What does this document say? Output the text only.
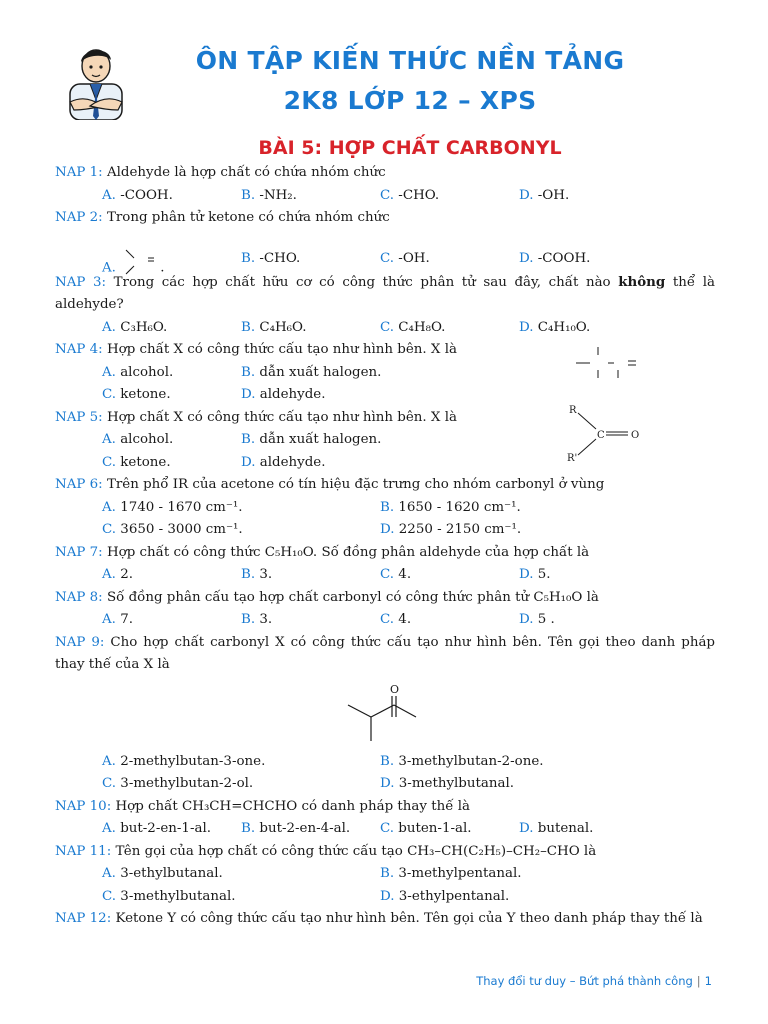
ÔN TẬP KIẾN THỨC NỀN TẢNG
2K8 LỚP 12 – XPS
BÀI 5: HỢP CHẤT CARBONYL
NAP 1: Aldehyde là hợp chất có chứa nhóm chức
A. -COOH.	B. -NH₂.	C. -CHO.	D. -OH.
NAP 2: Trong phân tử ketone có chứa nhóm chức
A.	.
B. -CHO.	C. -OH.	D. -COOH.
NAP 3: Trong các hợp chất hữu cơ có công thức phân tử sau đây, chất nào không thể là aldehyde?
A. C₃H₆O.	B. C₄H₆O.	C. C₄H₈O.	D. C₄H₁₀O.
NAP 4: Hợp chất X có công thức cấu tạo như hình bên. X là
A. alcohol.	B. dẫn xuất halogen.
C. ketone.	D. aldehyde.
NAP 5: Hợp chất X có công thức cấu tạo như hình bên. X là
A. alcohol.	B. dẫn xuất halogen.
C. ketone.	D. aldehyde.
R
R'
C	O
NAP 6: Trên phổ IR của acetone có tín hiệu đặc trưng cho nhóm carbonyl ở vùng
A. 1740 - 1670 cm⁻¹.	B. 1650 - 1620 cm⁻¹.
C. 3650 - 3000 cm⁻¹.	D. 2250 - 2150 cm⁻¹.
NAP 7: Hợp chất có công thức C₅H₁₀O. Số đồng phân aldehyde của hợp chất là
A. 2.	B. 3.	C. 4.	D. 5.
NAP 8: Số đồng phân cấu tạo hợp chất carbonyl có công thức phân tử C₅H₁₀O là
A. 7.	B. 3.	C. 4.	D. 5 .
NAP 9: Cho hợp chất carbonyl X có công thức cấu tạo như hình bên. Tên gọi theo danh pháp thay thế của X là
O
A. 2-methylbutan-3-one.	B. 3-methylbutan-2-one.
C. 3-methylbutan-2-ol.	D. 3-methylbutanal.
NAP 10: Hợp chất CH₃CH=CHCHO có danh pháp thay thế là
A. but-2-en-1-al. B. but-2-en-4-al. C. buten-1-al.	D. butenal.
NAP 11: Tên gọi của hợp chất có công thức cấu tạo CH₃–CH(C₂H₅)–CH₂–CHO là
A. 3-ethylbutanal.	B. 3-methylpentanal.
C. 3-methylbutanal.	D. 3-ethylpentanal.
NAP 12: Ketone Y có công thức cấu tạo như hình bên. Tên gọi của Y theo danh pháp thay thế là
Thay đổi tư duy – Bứt phá thành công | 1
